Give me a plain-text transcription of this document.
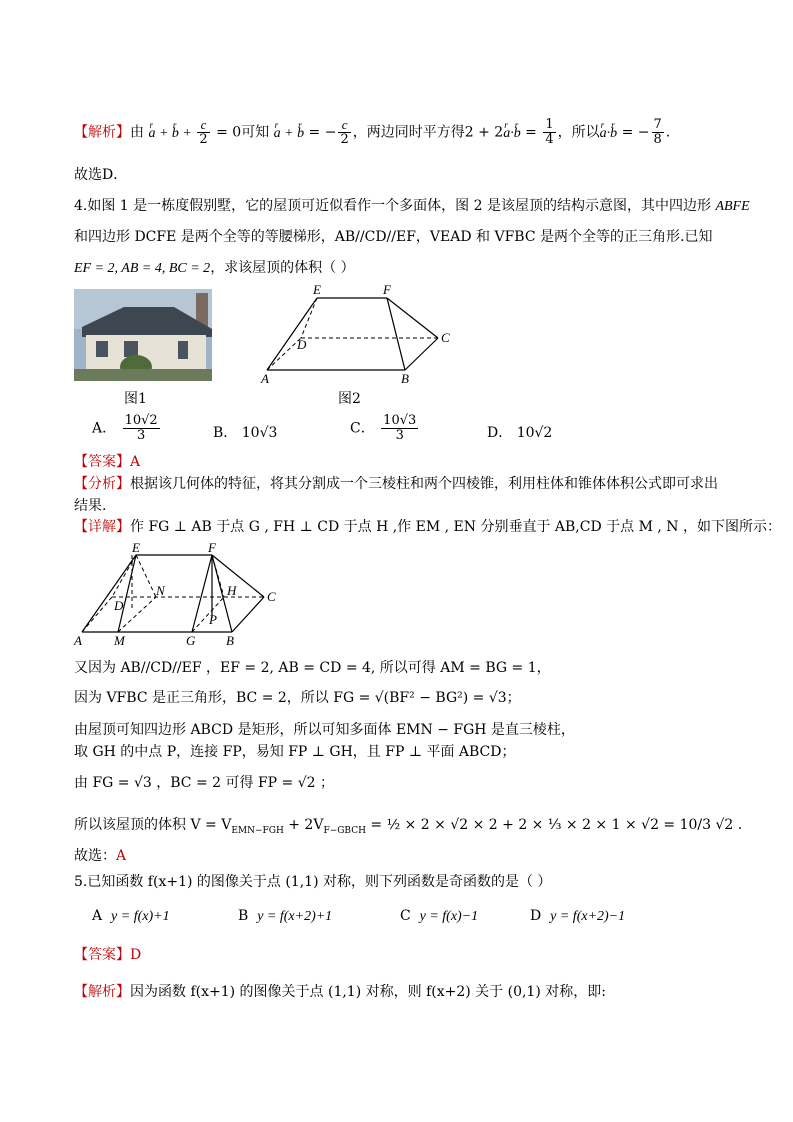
【解析】由 r a + r $b + \frac{c}{2} = 0$可知 r a + r b = − $\frac{c}{2}$ ，两边同时平方得2 + 2r a·r $b = \frac{1}{4}$ ，所以r a·r b = − $\frac{7}{8}$ .
故选D．
4.如图 1 是一栋度假别墅，它的屋顶可近似看作一个多面体，图 2 是该屋顶的结构示意图，其中四边形 ABFE
和四边形 DCFE 是两个全等的等腰梯形，AB//CD//EF，VEAD 和 VFBC 是两个全等的正三角形.已知
EF = 2, AB = 4, BC = 2，求该屋顶的体积（ ）
图1
E	F
D	C
A	B
图2
A． $\frac{10√2}{3}$	B． 10√3	C． $\frac{10√3}{3}$	D． 10√2
【答案】A
【分析】根据该几何体的特征，将其分割成一个三棱柱和两个四棱锥，利用柱体和锥体体积公式即可求出
结果.
【详解】作 FG ⊥ AB 于点 G , FH ⊥ CD 于点 H ,作 EM , EN 分别垂直于 AB,CD 于点 M , N ，如下图所示：
E	F
N	H C
D
P
A M	G B
又因为 AB//CD//EF ，EF = 2, AB = CD = 4, 所以可得 AM = BG = 1，
因为 VFBC 是正三角形，BC = 2，所以 FG = √(BF² − BG²) = √3；
由屋顶可知四边形 ABCD 是矩形，所以可知多面体 EMN − FGH 是直三棱柱，
取 GH 的中点 P，连接 FP，易知 FP ⊥ GH，且 FP ⊥ 平面 ABCD；
由 FG = √3 ，BC = 2 可得 FP = √2 ；
所以该屋顶的体积 $V = V_{EMN-FGH} + 2V_{F-GBCH}$ = ½ × 2 × √2 × 2 + 2 × ⅓ × 2 × 1 × √2 = 10/3 √2 .
故选：A
5.已知函数 f(x+1) 的图像关于点 (1,1) 对称，则下列函数是奇函数的是（ ）
A y = f(x)+1	B y = f(x+2)+1	C y = f(x)−1	D y = f(x+2)−1
【答案】D
【解析】因为函数 f(x+1) 的图像关于点 (1,1) 对称，则 f(x+2) 关于 (0,1) 对称，即:
